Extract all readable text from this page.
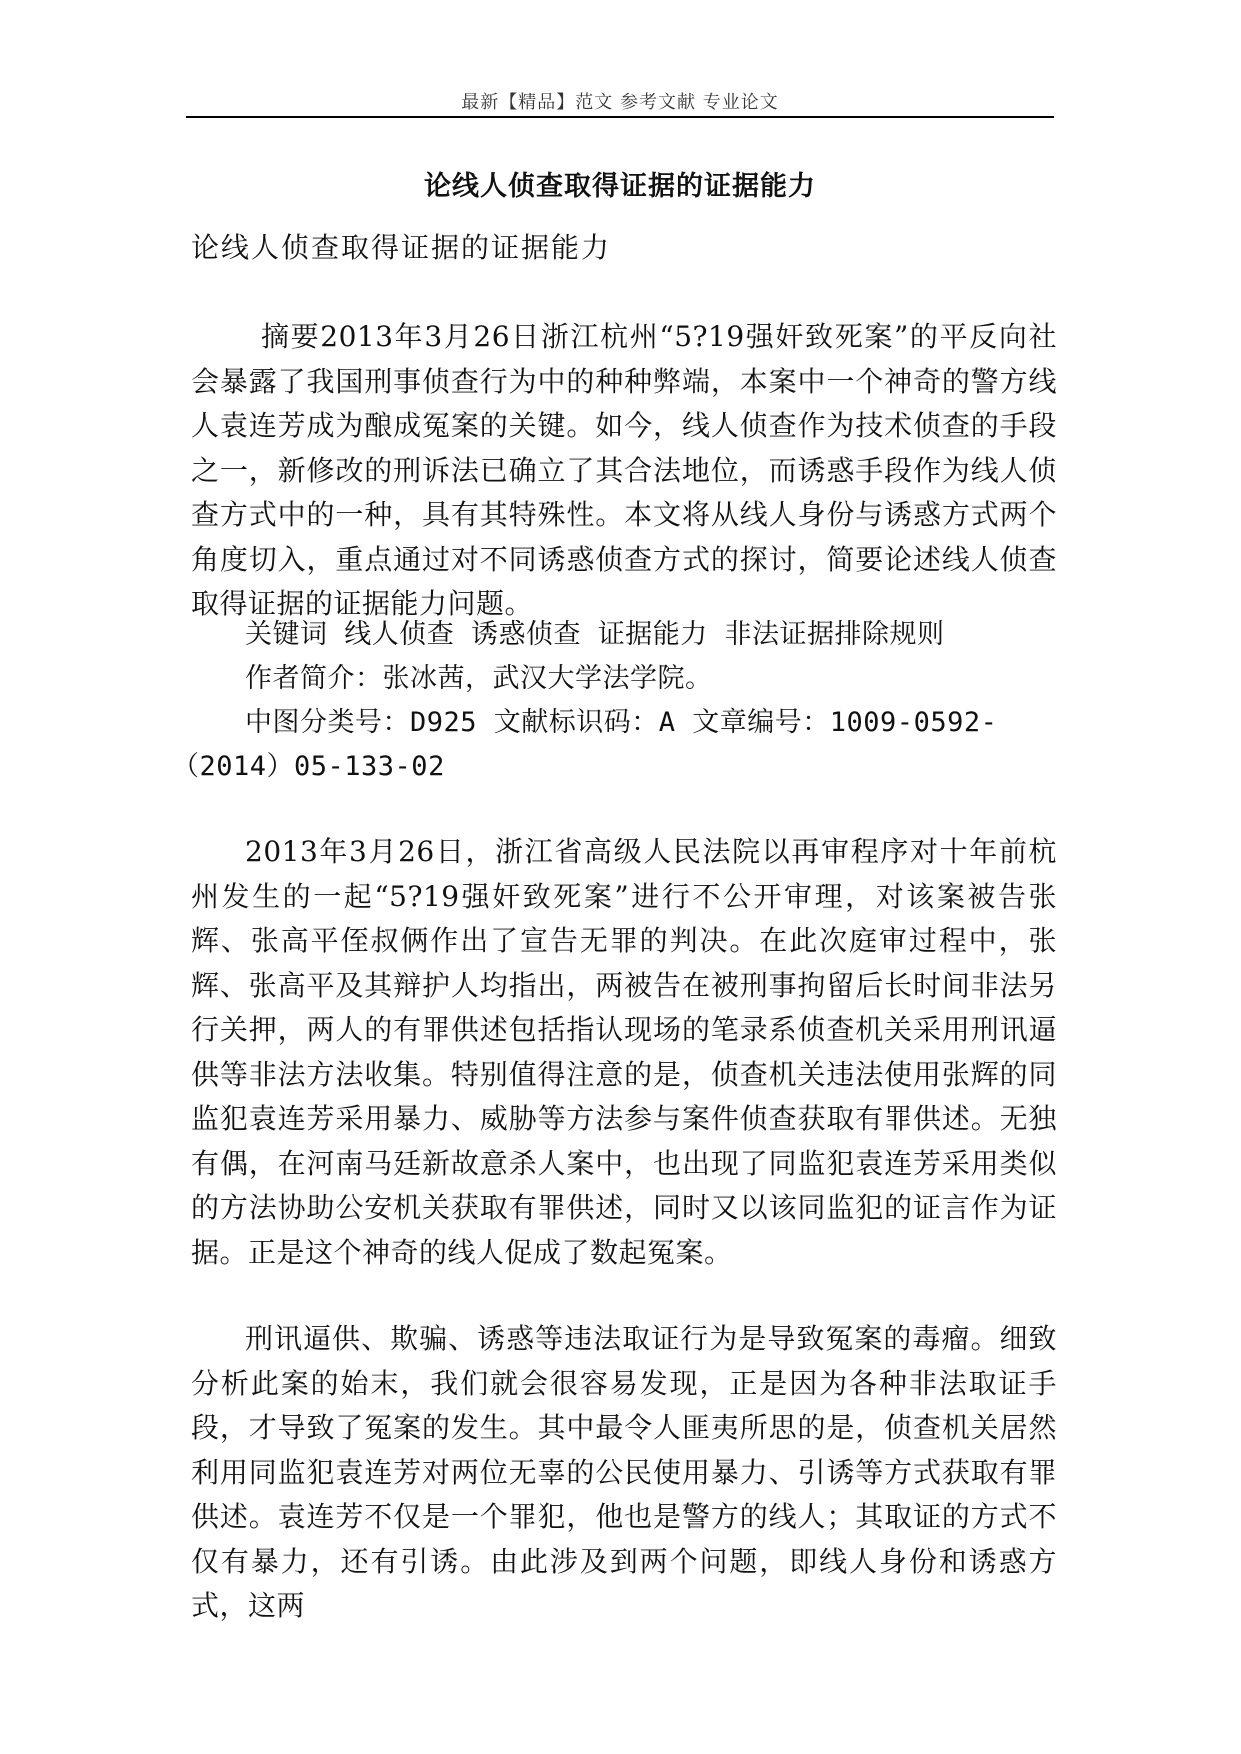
最新【精品】范文 参考文献 专业论文
论线人侦查取得证据的证据能力
论线人侦查取得证据的证据能力
摘要2013年3月26日浙江杭州“5?19强奸致死案”的平反向社会暴露了我国刑事侦查行为中的种种弊端，本案中一个神奇的警方线人袁连芳成为酿成冤案的关键。如今，线人侦查作为技术侦查的手段之一，新修改的刑诉法已确立了其合法地位，而诱惑手段作为线人侦查方式中的一种，具有其特殊性。本文将从线人身份与诱惑方式两个角度切入，重点通过对不同诱惑侦查方式的探讨，简要论述线人侦查取得证据的证据能力问题。
关键词 线人侦查 诱惑侦查 证据能力 非法证据排除规则
作者简介：张冰茜，武汉大学法学院。
中图分类号：D925 文献标识码：A 文章编号：1009-0592-
（2014）05-133-02
2013年3月26日，浙江省高级人民法院以再审程序对十年前杭州发生的一起“5?19强奸致死案”进行不公开审理，对该案被告张辉、张高平侄叔俩作出了宣告无罪的判决。在此次庭审过程中，张辉、张高平及其辩护人均指出，两被告在被刑事拘留后长时间非法另行关押，两人的有罪供述包括指认现场的笔录系侦查机关采用刑讯逼供等非法方法收集。特别值得注意的是，侦查机关违法使用张辉的同监犯袁连芳采用暴力、威胁等方法参与案件侦查获取有罪供述。无独有偶，在河南马廷新故意杀人案中，也出现了同监犯袁连芳采用类似的方法协助公安机关获取有罪供述，同时又以该同监犯的证言作为证据。正是这个神奇的线人促成了数起冤案。
刑讯逼供、欺骗、诱惑等违法取证行为是导致冤案的毒瘤。细致分析此案的始末，我们就会很容易发现，正是因为各种非法取证手段，才导致了冤案的发生。其中最令人匪夷所思的是，侦查机关居然利用同监犯袁连芳对两位无辜的公民使用暴力、引诱等方式获取有罪供述。袁连芳不仅是一个罪犯，他也是警方的线人；其取证的方式不仅有暴力，还有引诱。由此涉及到两个问题，即线人身份和诱惑方式，这两
